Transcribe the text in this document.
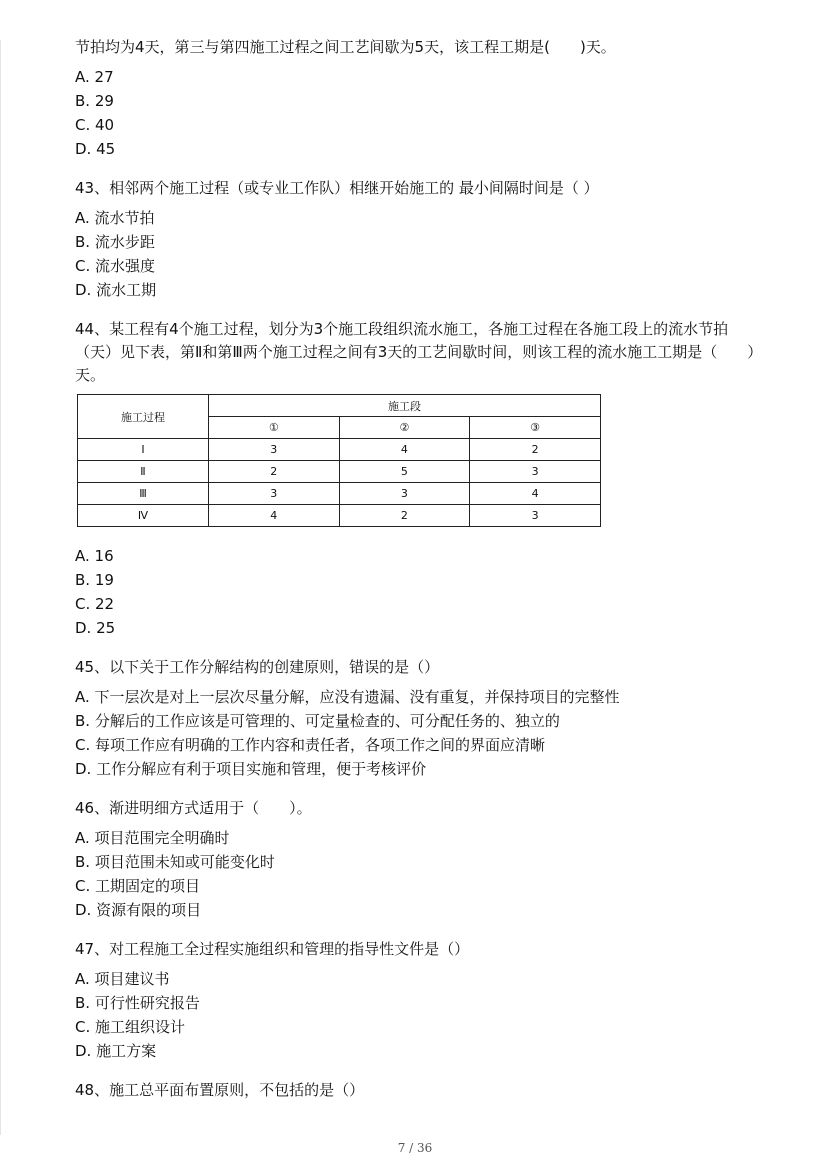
节拍均为4天，第三与第四施工过程之间工艺间歇为5天，该工程工期是(　　)天。

A. 27

B. 29

C. 40

D. 45

43、相邻两个施工过程（或专业工作队）相继开始施工的 最小间隔时间是（ ）

A. 流水节拍

B. 流水步距

C. 流水强度

D. 流水工期

44、某工程有4个施工过程，划分为3个施工段组织流水施工，各施工过程在各施工段上的流水节拍（天）见下表，第Ⅱ和第Ⅲ两个施工过程之间有3天的工艺间歇时间，则该工程的流水施工工期是（　　）天。

施工过程	施工段		
	①	②	③
Ⅰ	3	4	2
Ⅱ	2	5	3
Ⅲ	3	3	4
Ⅳ	4	2	3

A. 16

B. 19

C. 22

D. 25

45、以下关于工作分解结构的创建原则，错误的是（）

A. 下一层次是对上一层次尽量分解，应没有遗漏、没有重复，并保持项目的完整性

B. 分解后的工作应该是可管理的、可定量检查的、可分配任务的、独立的

C. 每项工作应有明确的工作内容和责任者，各项工作之间的界面应清晰

D. 工作分解应有利于项目实施和管理，便于考核评价

46、渐进明细方式适用于（　　）。

A. 项目范围完全明确时

B. 项目范围未知或可能变化时

C. 工期固定的项目

D. 资源有限的项目

47、对工程施工全过程实施组织和管理的指导性文件是（）

A. 项目建议书

B. 可行性研究报告

C. 施工组织设计

D. 施工方案

48、施工总平面布置原则，不包括的是（）

7 / 36
